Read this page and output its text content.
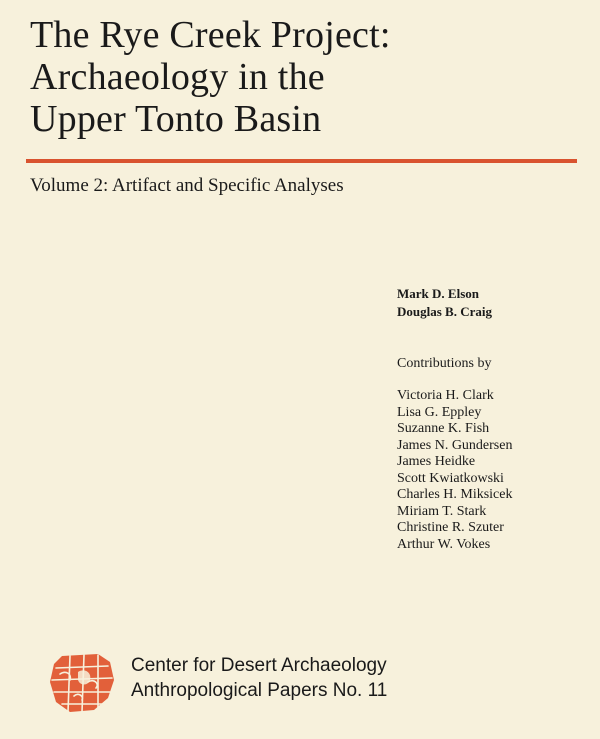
The Rye Creek Project:
Archaeology in the
Upper Tonto Basin
Volume 2: Artifact and Specific Analyses
Mark D. Elson
Douglas B. Craig
Contributions by
Victoria H. Clark
Lisa G. Eppley
Suzanne K. Fish
James N. Gundersen
James Heidke
Scott Kwiatkowski
Charles H. Miksicek
Miriam T. Stark
Christine R. Szuter
Arthur W. Vokes
Center for Desert Archaeology
Anthropological Papers No. 11
